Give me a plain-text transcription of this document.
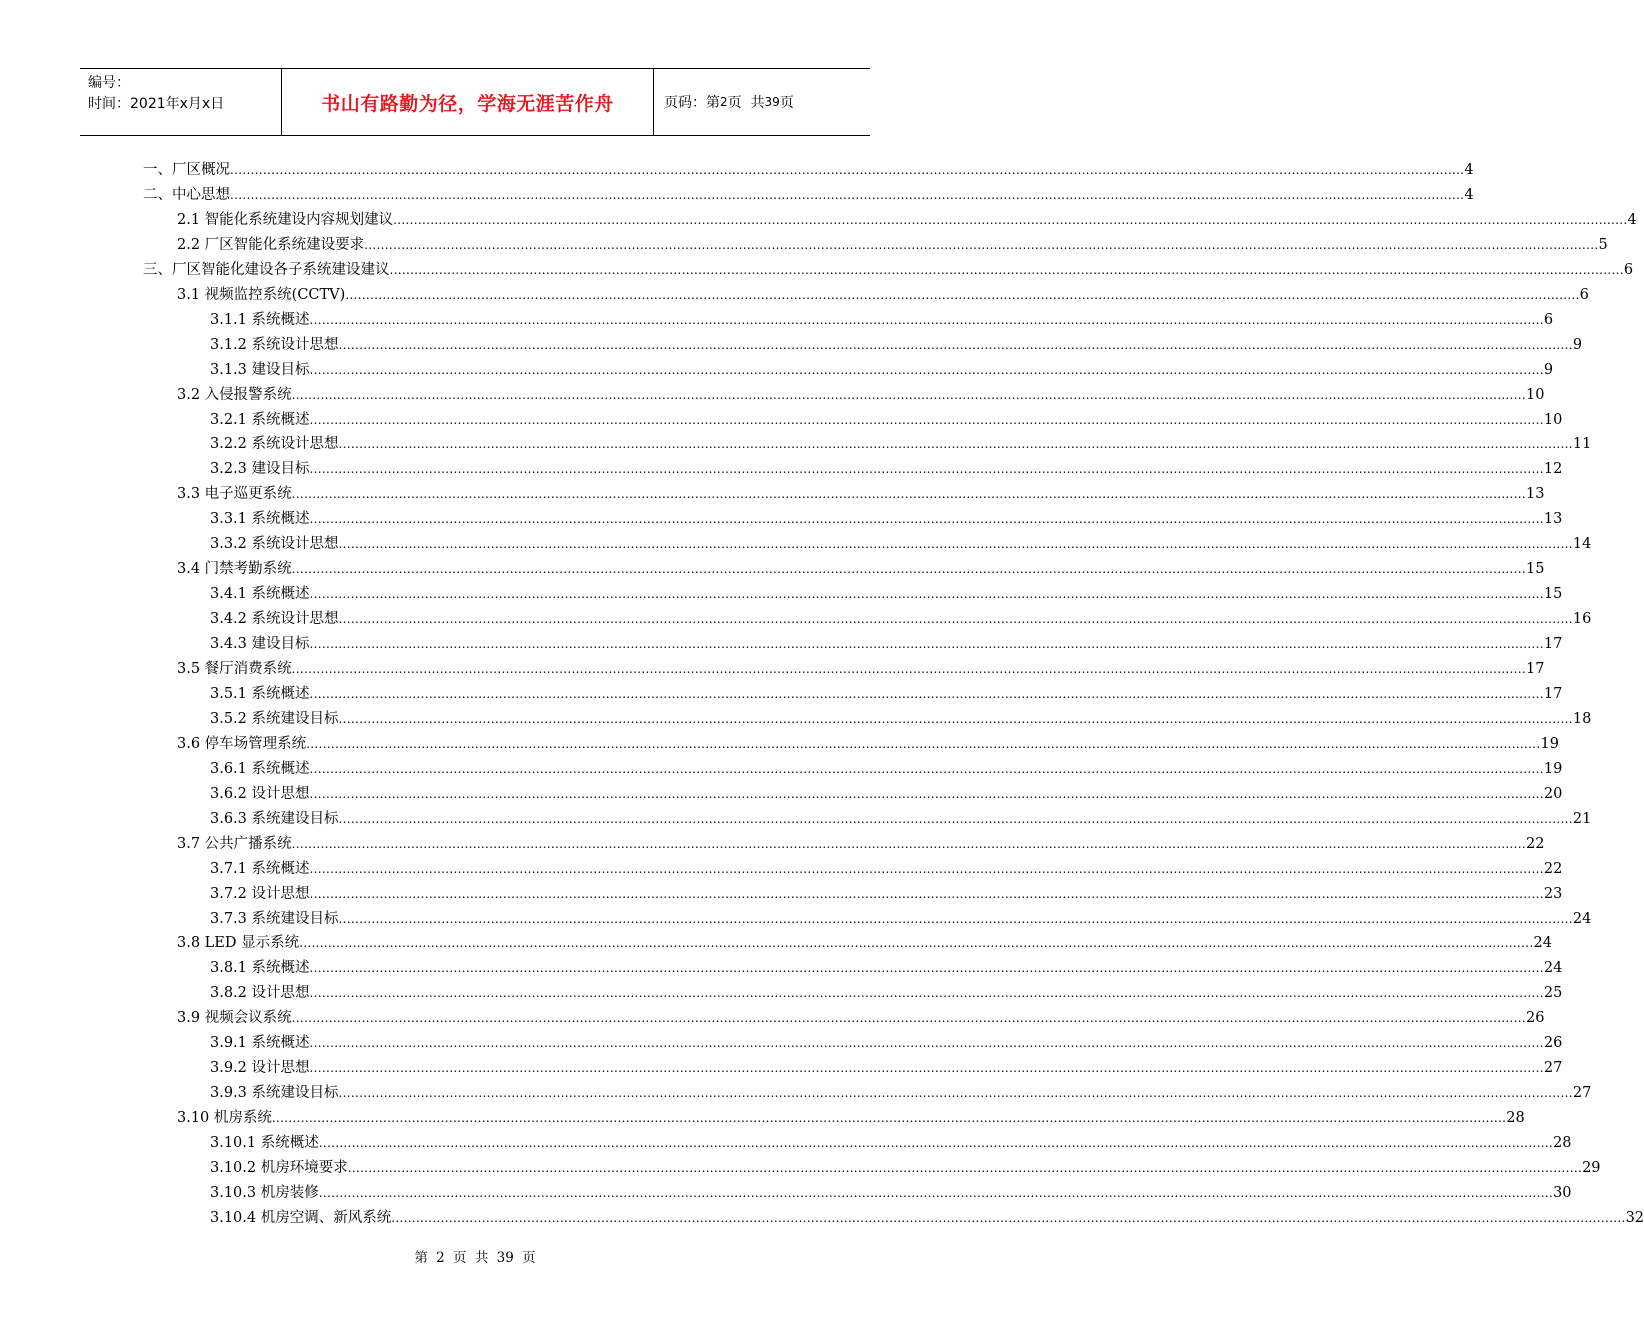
编号：
时间：2021年x月x日	书山有路勤为径，学海无涯苦作舟	页码：第 2 页  共 39 页
一、厂区概况 ............................................................................................................................................................................................................................................................................................................ 4
二、中心思想 ............................................................................................................................................................................................................................................................................................................ 4
2.1 智能化系统建设内容规划建议 ............................................................................................................................................................................................................................................................................................................ 4
2.2 厂区智能化系统建设要求 ............................................................................................................................................................................................................................................................................................................ 5
三、厂区智能化建设各子系统建设建议 ............................................................................................................................................................................................................................................................................................................ 6
3.1 视频监控系统(CCTV) ............................................................................................................................................................................................................................................................................................................ 6
3.1.1 系统概述 ............................................................................................................................................................................................................................................................................................................ 6
3.1.2 系统设计思想 ............................................................................................................................................................................................................................................................................................................ 9
3.1.3 建设目标 ............................................................................................................................................................................................................................................................................................................ 9
3.2 入侵报警系统 ............................................................................................................................................................................................................................................................................................................ 10
3.2.1 系统概述 ............................................................................................................................................................................................................................................................................................................ 10
3.2.2 系统设计思想 ............................................................................................................................................................................................................................................................................................................ 11
3.2.3 建设目标 ............................................................................................................................................................................................................................................................................................................ 12
3.3 电子巡更系统 ............................................................................................................................................................................................................................................................................................................ 13
3.3.1 系统概述 ............................................................................................................................................................................................................................................................................................................ 13
3.3.2 系统设计思想 ............................................................................................................................................................................................................................................................................................................ 14
3.4 门禁考勤系统 ............................................................................................................................................................................................................................................................................................................ 15
3.4.1 系统概述 ............................................................................................................................................................................................................................................................................................................ 15
3.4.2 系统设计思想 ............................................................................................................................................................................................................................................................................................................ 16
3.4.3 建设目标 ............................................................................................................................................................................................................................................................................................................ 17
3.5 餐厅消费系统 ............................................................................................................................................................................................................................................................................................................ 17
3.5.1 系统概述 ............................................................................................................................................................................................................................................................................................................ 17
3.5.2 系统建设目标 ............................................................................................................................................................................................................................................................................................................ 18
3.6 停车场管理系统 ............................................................................................................................................................................................................................................................................................................ 19
3.6.1 系统概述 ............................................................................................................................................................................................................................................................................................................ 19
3.6.2 设计思想 ............................................................................................................................................................................................................................................................................................................ 20
3.6.3 系统建设目标 ............................................................................................................................................................................................................................................................................................................ 21
3.7 公共广播系统 ............................................................................................................................................................................................................................................................................................................ 22
3.7.1 系统概述 ............................................................................................................................................................................................................................................................................................................ 22
3.7.2 设计思想 ............................................................................................................................................................................................................................................................................................................ 23
3.7.3 系统建设目标 ............................................................................................................................................................................................................................................................................................................ 24
3.8 LED 显示系统 ............................................................................................................................................................................................................................................................................................................ 24
3.8.1 系统概述 ............................................................................................................................................................................................................................................................................................................ 24
3.8.2 设计思想 ............................................................................................................................................................................................................................................................................................................ 25
3.9 视频会议系统 ............................................................................................................................................................................................................................................................................................................ 26
3.9.1 系统概述 ............................................................................................................................................................................................................................................................................................................ 26
3.9.2 设计思想 ............................................................................................................................................................................................................................................................................................................ 27
3.9.3 系统建设目标 ............................................................................................................................................................................................................................................................................................................ 27
3.10 机房系统 ............................................................................................................................................................................................................................................................................................................ 28
3.10.1 系统概述 ............................................................................................................................................................................................................................................................................................................ 28
3.10.2 机房环境要求 ............................................................................................................................................................................................................................................................................................................ 29
3.10.3 机房装修 ............................................................................................................................................................................................................................................................................................................ 30
3.10.4 机房空调、新风系统 ............................................................................................................................................................................................................................................................................................................ 32
第 2 页 共 39 页
